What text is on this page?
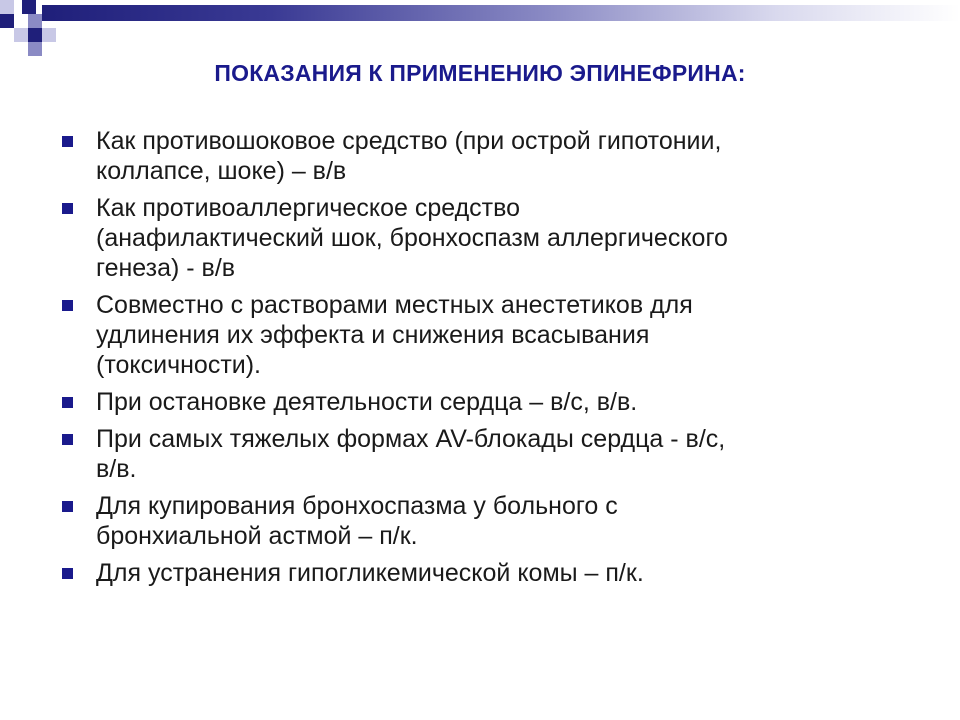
ПОКАЗАНИЯ К ПРИМЕНЕНИЮ ЭПИНЕФРИНА:
Как противошоковое средство (при острой гипотонии,
коллапсе, шоке) – в/в
Как противоаллергическое средство
(анафилактический шок, бронхоспазм аллергического
генеза) - в/в
Совместно с растворами местных анестетиков для
удлинения их эффекта и снижения всасывания
(токсичности).
При остановке деятельности сердца – в/с, в/в.
При самых тяжелых формах AV-блокады сердца - в/с,
в/в.
Для купирования бронхоспазма у больного с
бронхиальной астмой – п/к.
Для устранения гипогликемической комы – п/к.
